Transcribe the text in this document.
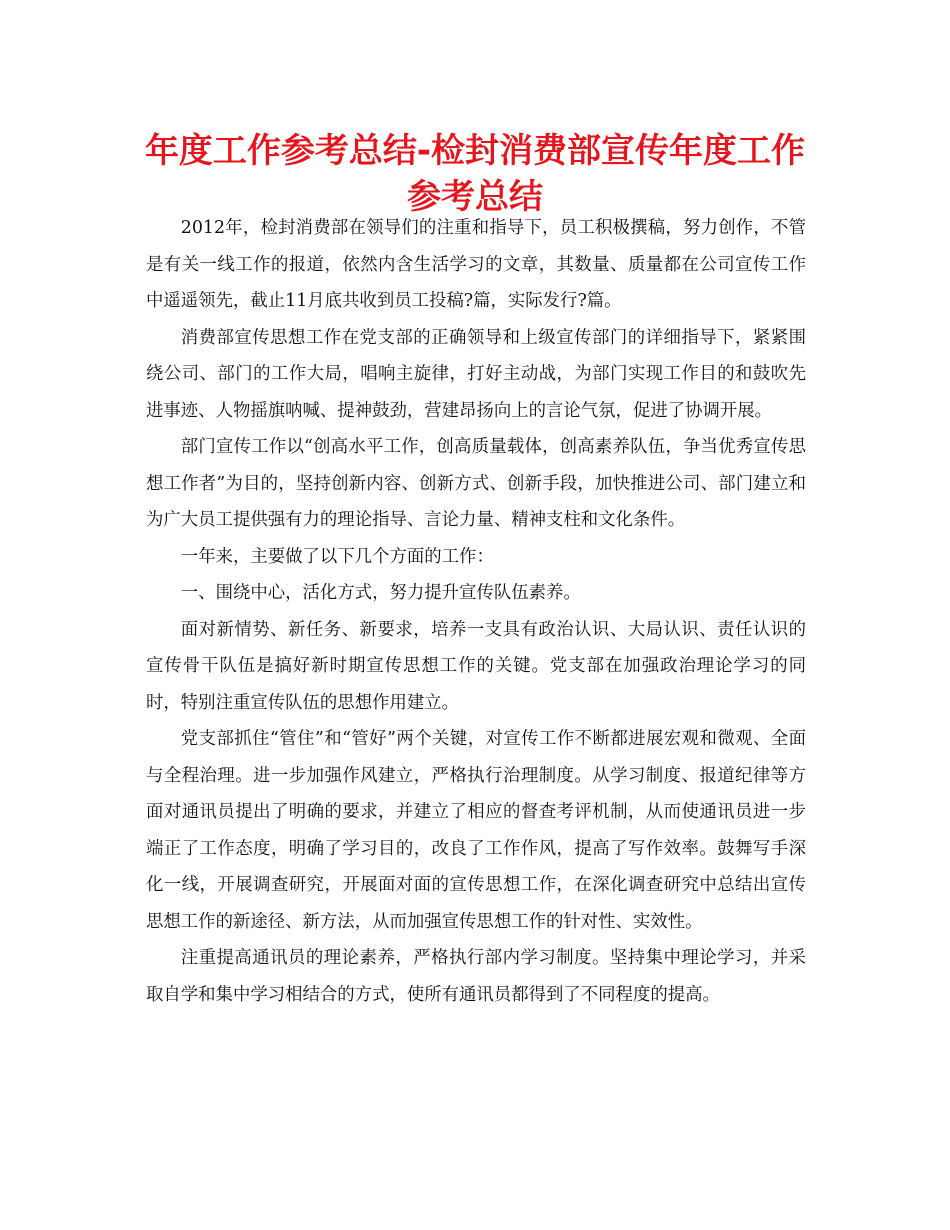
年度工作参考总结-检封消费部宣传年度工作参考总结

2012年，检封消费部在领导们的注重和指导下，员工积极撰稿，努力创作，不管是有关一线工作的报道，依然内含生活学习的文章，其数量、质量都在公司宣传工作中遥遥领先，截止11月底共收到员工投稿?篇，实际发行?篇。

消费部宣传思想工作在党支部的正确领导和上级宣传部门的详细指导下，紧紧围绕公司、部门的工作大局，唱响主旋律，打好主动战，为部门实现工作目的和鼓吹先进事迹、人物摇旗呐喊、提神鼓劲，营建昂扬向上的言论气氛，促进了协调开展。

部门宣传工作以“创高水平工作，创高质量载体，创高素养队伍，争当优秀宣传思想工作者”为目的，坚持创新内容、创新方式、创新手段，加快推进公司、部门建立和为广大员工提供强有力的理论指导、言论力量、精神支柱和文化条件。

一年来，主要做了以下几个方面的工作：

一、围绕中心，活化方式，努力提升宣传队伍素养。

面对新情势、新任务、新要求，培养一支具有政治认识、大局认识、责任认识的宣传骨干队伍是搞好新时期宣传思想工作的关键。党支部在加强政治理论学习的同时，特别注重宣传队伍的思想作用建立。

党支部抓住“管住”和“管好”两个关键，对宣传工作不断都进展宏观和微观、全面与全程治理。进一步加强作风建立，严格执行治理制度。从学习制度、报道纪律等方面对通讯员提出了明确的要求，并建立了相应的督查考评机制，从而使通讯员进一步端正了工作态度，明确了学习目的，改良了工作作风，提高了写作效率。鼓舞写手深化一线，开展调查研究，开展面对面的宣传思想工作，在深化调查研究中总结出宣传思想工作的新途径、新方法，从而加强宣传思想工作的针对性、实效性。

注重提高通讯员的理论素养，严格执行部内学习制度。坚持集中理论学习，并采取自学和集中学习相结合的方式，使所有通讯员都得到了不同程度的提高。
